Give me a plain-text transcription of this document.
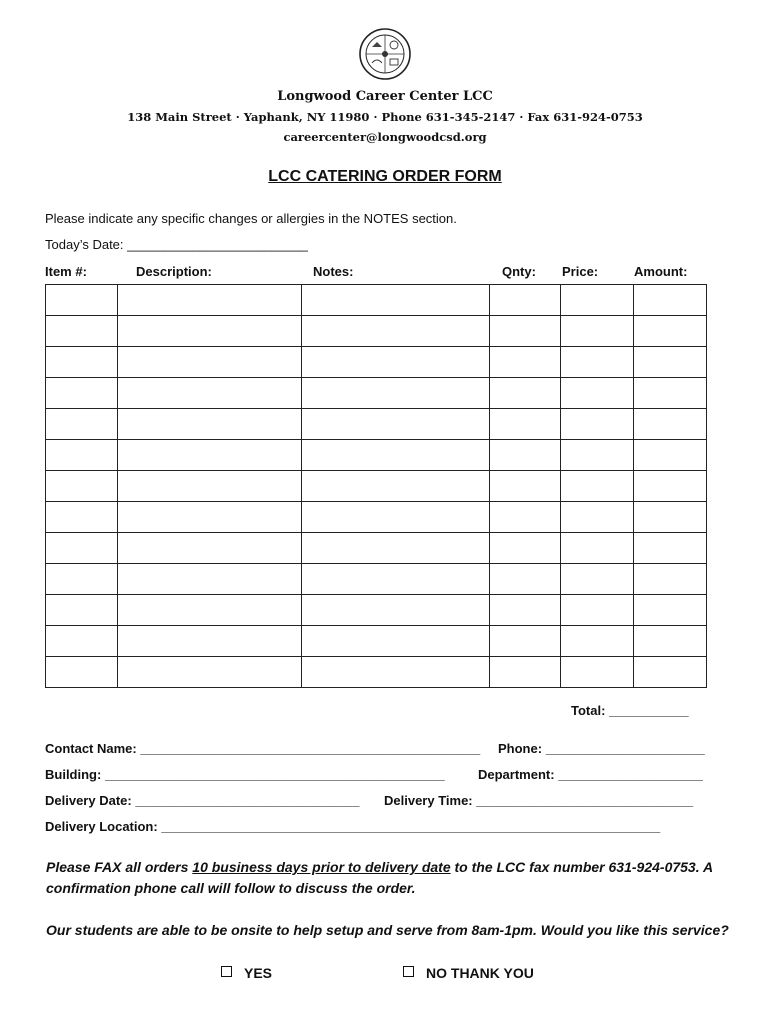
Longwood Career Center LCC
138 Main Street · Yaphank, NY 11980 · Phone 631-345-2147 · Fax 631-924-0753
careercenter@longwoodcsd.org
LCC CATERING ORDER FORM
Please indicate any specific changes or allergies in the NOTES section.
Today’s Date: _________________________
Item #:	Description:	Notes:	Qnty: Price:	Amount:

Total: ___________
Contact Name: _______________________________________________ Phone: ______________________
Building: _______________________________________________	Department: ____________________
Delivery Date: _______________________________ Delivery Time: ______________________________
Delivery Location: _____________________________________________________________________
Please FAX all orders 10 business days prior to delivery date to the LCC fax number 631-924-0753. A confirmation phone call will follow to discuss the order.
Our students are able to be onsite to help setup and serve from 8am-1pm. Would you like this service?
YES	NO THANK YOU
